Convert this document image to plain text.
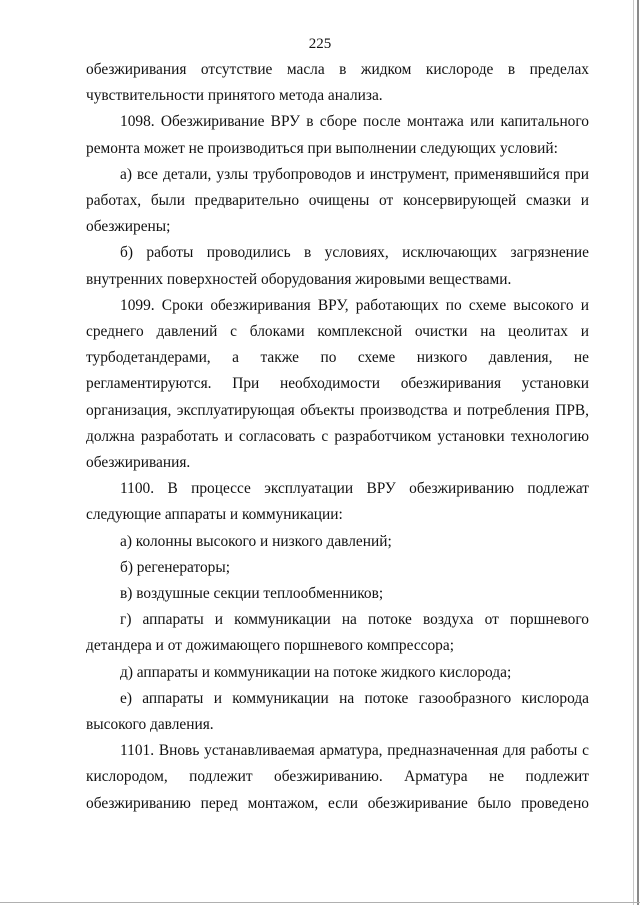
225

обезжиривания отсутствие масла в жидком кислороде в пределах чувствительности принятого метода анализа.

1098. Обезжиривание ВРУ в сборе после монтажа или капитального ремонта может не производиться при выполнении следующих условий:

а) все детали, узлы трубопроводов и инструмент, применявшийся при работах, были предварительно очищены от консервирующей смазки и обезжирены;

б) работы проводились в условиях, исключающих загрязнение внутренних поверхностей оборудования жировыми веществами.

1099. Сроки обезжиривания ВРУ, работающих по схеме высокого и среднего давлений с блоками комплексной очистки на цеолитах и турбодетандерами, а также по схеме низкого давления, не регламентируются. При необходимости обезжиривания установки организация, эксплуатирующая объекты производства и потребления ПРВ, должна разработать и согласовать с разработчиком установки технологию обезжиривания.

1100. В процессе эксплуатации ВРУ обезжириванию подлежат следующие аппараты и коммуникации:

а) колонны высокого и низкого давлений;

б) регенераторы;

в) воздушные секции теплообменников;

г) аппараты и коммуникации на потоке воздуха от поршневого детандера и от дожимающего поршневого компрессора;

д) аппараты и коммуникации на потоке жидкого кислорода;

е) аппараты и коммуникации на потоке газообразного кислорода высокого давления.

1101. Вновь устанавливаемая арматура, предназначенная для работы с кислородом, подлежит обезжириванию. Арматура не подлежит обезжириванию перед монтажом, если обезжиривание было проведено
